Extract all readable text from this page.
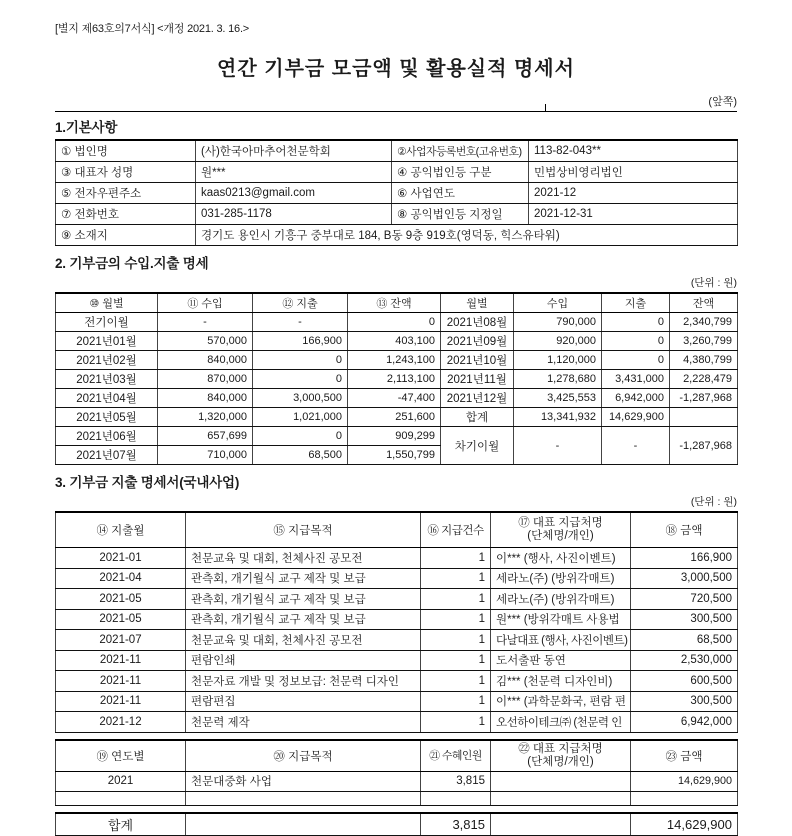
[별지 제63호의7서식] <개정 2021. 3. 16.>
연간 기부금 모금액 및 활용실적 명세서
(앞쪽)
1.기본사항
① 법인명	(사)한국아마추어천문학회	②사업자등록번호(고유번호)	113-82-043**
③ 대표자 성명	원***	④ 공익법인등 구분	민법상비영리법인
⑤ 전자우편주소	kaas0213@gmail.com	⑥ 사업연도	2021-12
⑦ 전화번호	031-285-1178	⑧ 공익법인등 지정일	2021-12-31
⑨ 소재지	경기도 용인시 기흥구 중부대로 184, B동 9층 919호(영덕동, 힉스유타워)		
2. 기부금의 수입.지출 명세
(단위 : 원)
⑩ 월별	⑪ 수입	⑫ 지출	⑬ 잔액	월별	수입	지출	잔액
전기이월	-	-	0	2021년08월	790,000	0	2,340,799
2021년01월	570,000	166,900	403,100	2021년09월	920,000	0	3,260,799
2021년02월	840,000	0	1,243,100	2021년10월	1,120,000	0	4,380,799
2021년03월	870,000	0	2,113,100	2021년11월	1,278,680	3,431,000	2,228,479
2021년04월	840,000	3,000,500	-47,400	2021년12월	3,425,553	6,942,000	-1,287,968
2021년05월	1,320,000	1,021,000	251,600	합계	13,341,932	14,629,900	
2021년06월	657,699	0	909,299	차기이월	-	-	-1,287,968
2021년07월	710,000	68,500	1,550,799				
3. 기부금 지출 명세서(국내사업)
(단위 : 원)
⑭ 지출월	⑮ 지급목적	⑯ 지급건수	⑰ 대표 지급처명
(단체명/개인)	⑱ 금액
2021-01	천문교육 및 대회, 천체사진 공모전	1	이*** (행사, 사진이벤트)	166,900
2021-04	관측회, 개기월식 교구 제작 및 보급	1	세라노(주) (방위각매트)	3,000,500
2021-05	관측회, 개기월식 교구 제작 및 보급	1	세라노(주) (방위각매트)	720,500
2021-05	관측회, 개기월식 교구 제작 및 보급	1	원*** (방위각매트 사용법	300,500
2021-07	천문교육 및 대회, 천체사진 공모전	1	다날대표 (행사, 사진이벤트)	68,500
2021-11	편람인쇄	1	도서출판 동연	2,530,000
2021-11	천문자료 개발 및 정보보급: 천문력 디자인	1	김*** (천문력 디자인비)	600,500
2021-11	편람편집	1	이*** (과학문화국, 편람 편	300,500
2021-12	천문력 제작	1	오선하이테크㈜ (천문력 인	6,942,000
⑲ 연도별	⑳ 지급목적	㉑ 수혜인원	㉒ 대표 지급처명
(단체명/개인)	㉓ 금액
2021	천문대중화 사업	3,815		14,629,900

합계		3,815		14,629,900
